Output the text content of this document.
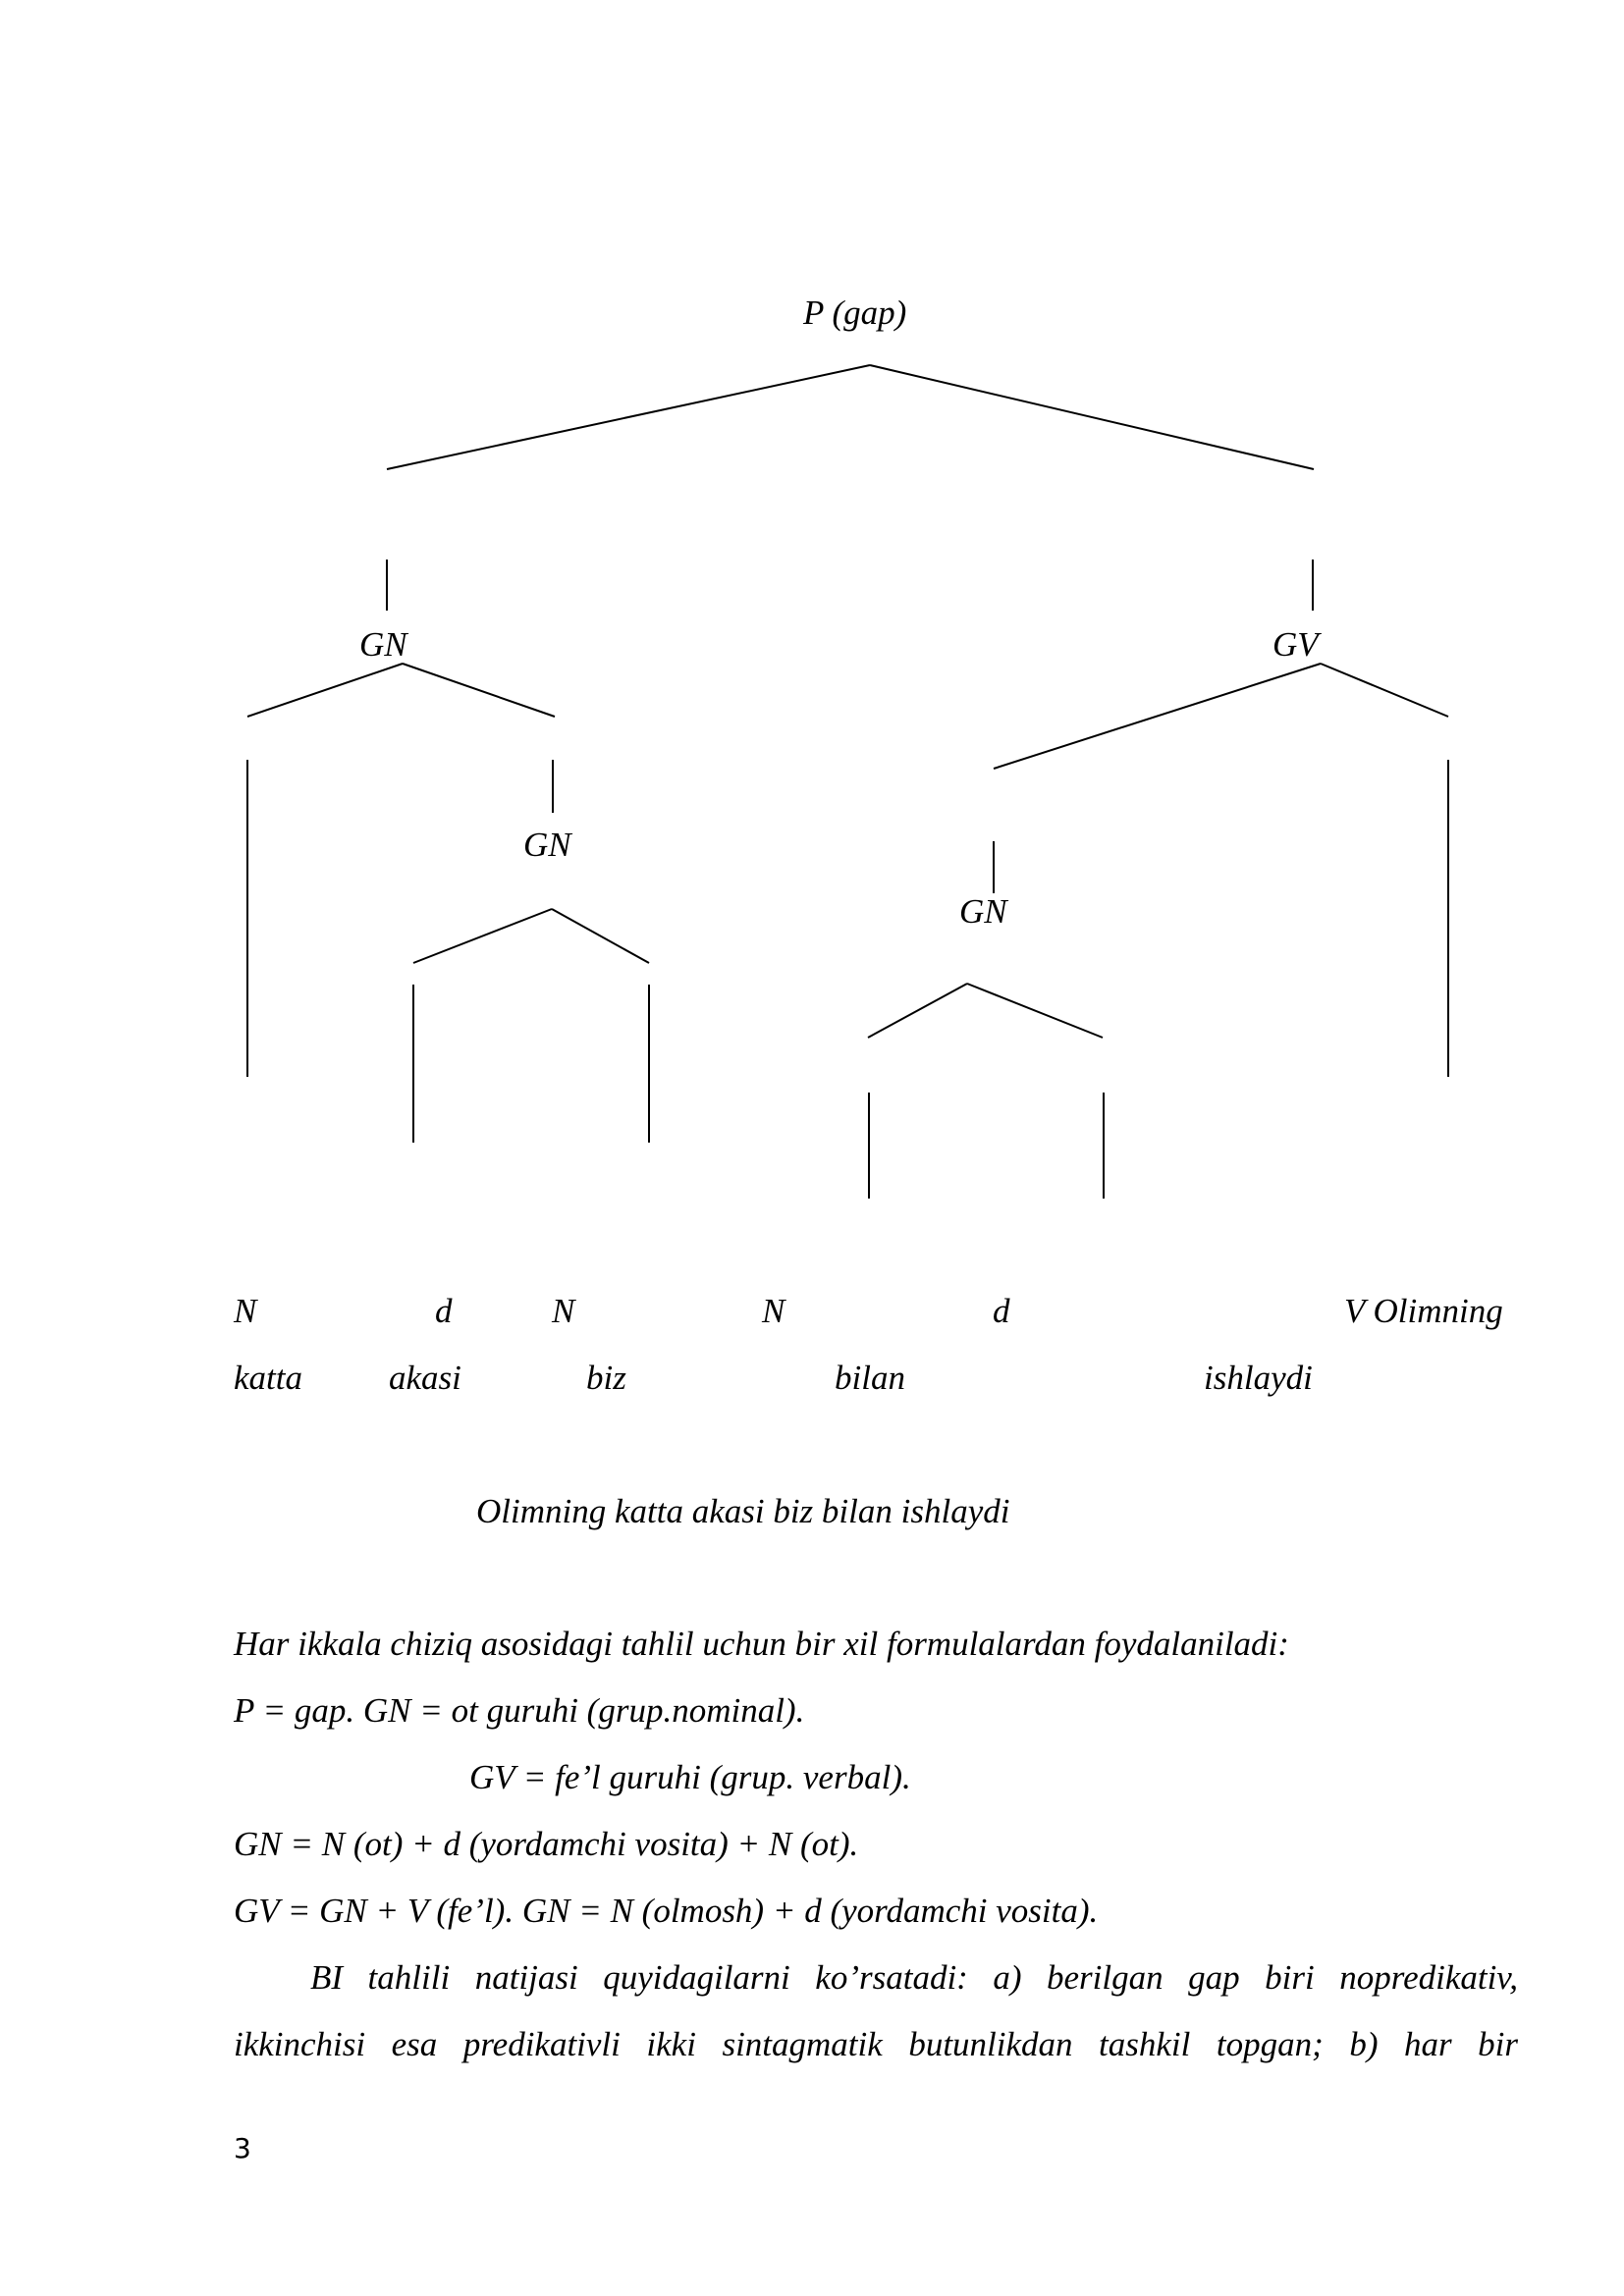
P (gap)
GN	GV
GN
GN
N	d	N	N	d	V Olimning
katta	akasi	biz	bilan	ishlaydi
Olimning katta akasi biz bilan ishlaydi
Har ikkala chiziq asosidagi tahlil uchun bir xil formulalardan foydalaniladi:
P = gap. GN = ot guruhi (grup.nominal).
GV = fe’l guruhi (grup. verbal).
GN = N (ot) + d (yordamchi vosita) + N (ot).
GV = GN + V (fe’l). GN = N (olmosh) + d (yordamchi vosita).
BI tahlili natijasi quyidagilarni ko’rsatadi: a) berilgan gap biri nopredikativ,
ikkinchisi esa predikativli ikki sintagmatik butunlikdan tashkil topgan; b) har bir
3
